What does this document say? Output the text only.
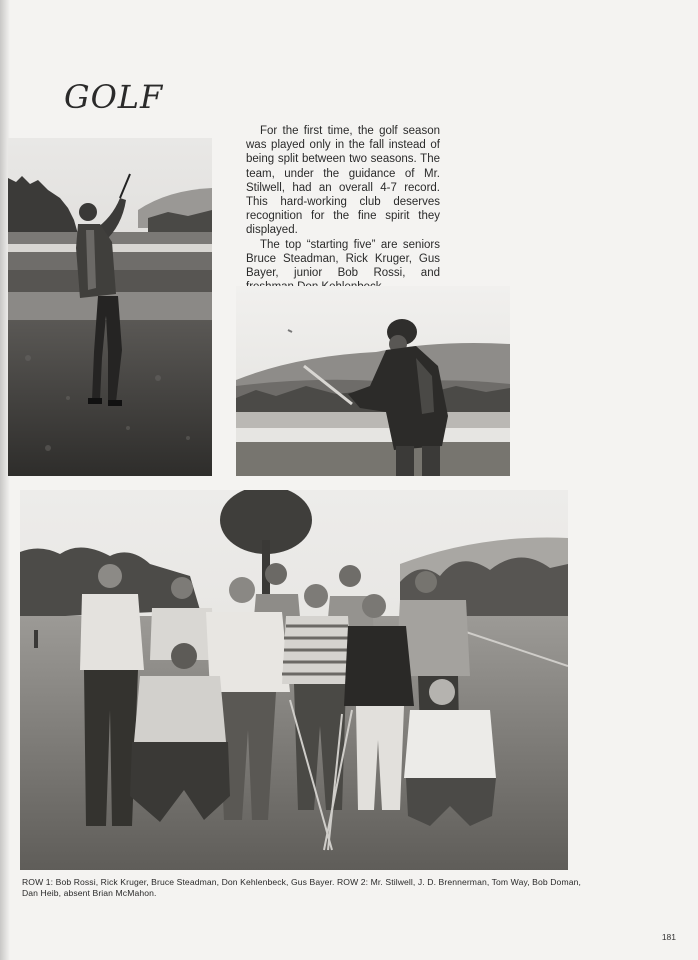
GOLF

For the first time, the golf season was played only in the fall instead of being split between two seasons. The team, under the guidance of Mr. Stilwell, had an overall 4-7 record. This hard-working club deserves recognition for the fine spirit they displayed.

The top “starting five” are seniors Bruce Steadman, Rick Kruger, Gus Bayer, junior Bob Rossi, and

ROW 1: Bob Rossi, Rick Kruger, Bruce Steadman, Don Kehlenbeck, Gus Bayer. ROW 2: Mr. Stilwell, J. D. Brennerman, Tom Way, Bob Doman, Dan Heib, absent Brian McMahon.
181
